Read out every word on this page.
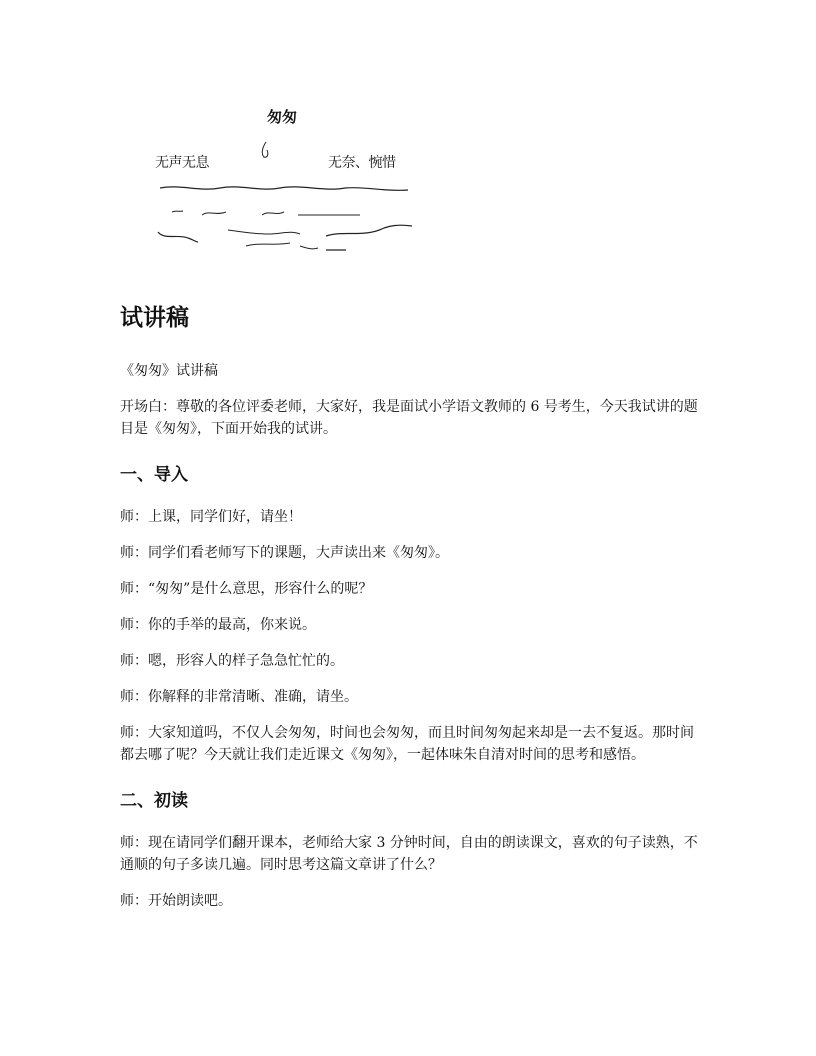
匆匆
无声无息	无奈、惋惜
试讲稿

《匆匆》试讲稿

开场白：尊敬的各位评委老师，大家好，我是面试小学语文教师的 6 号考生，今天我试讲的题目是《匆匆》，下面开始我的试讲。

一、导入

师：上课，同学们好，请坐！

师：同学们看老师写下的课题，大声读出来《匆匆》。

师：“匆匆”是什么意思，形容什么的呢？

师：你的手举的最高，你来说。

师：嗯，形容人的样子急急忙忙的。

师：你解释的非常清晰、准确，请坐。

师：大家知道吗，不仅人会匆匆，时间也会匆匆，而且时间匆匆起来却是一去不复返。那时间都去哪了呢？今天就让我们走近课文《匆匆》，一起体味朱自清对时间的思考和感悟。

二、初读

师：现在请同学们翻开课本，老师给大家 3 分钟时间，自由的朗读课文，喜欢的句子读熟，不通顺的句子多读几遍。同时思考这篇文章讲了什么？

师：开始朗读吧。
